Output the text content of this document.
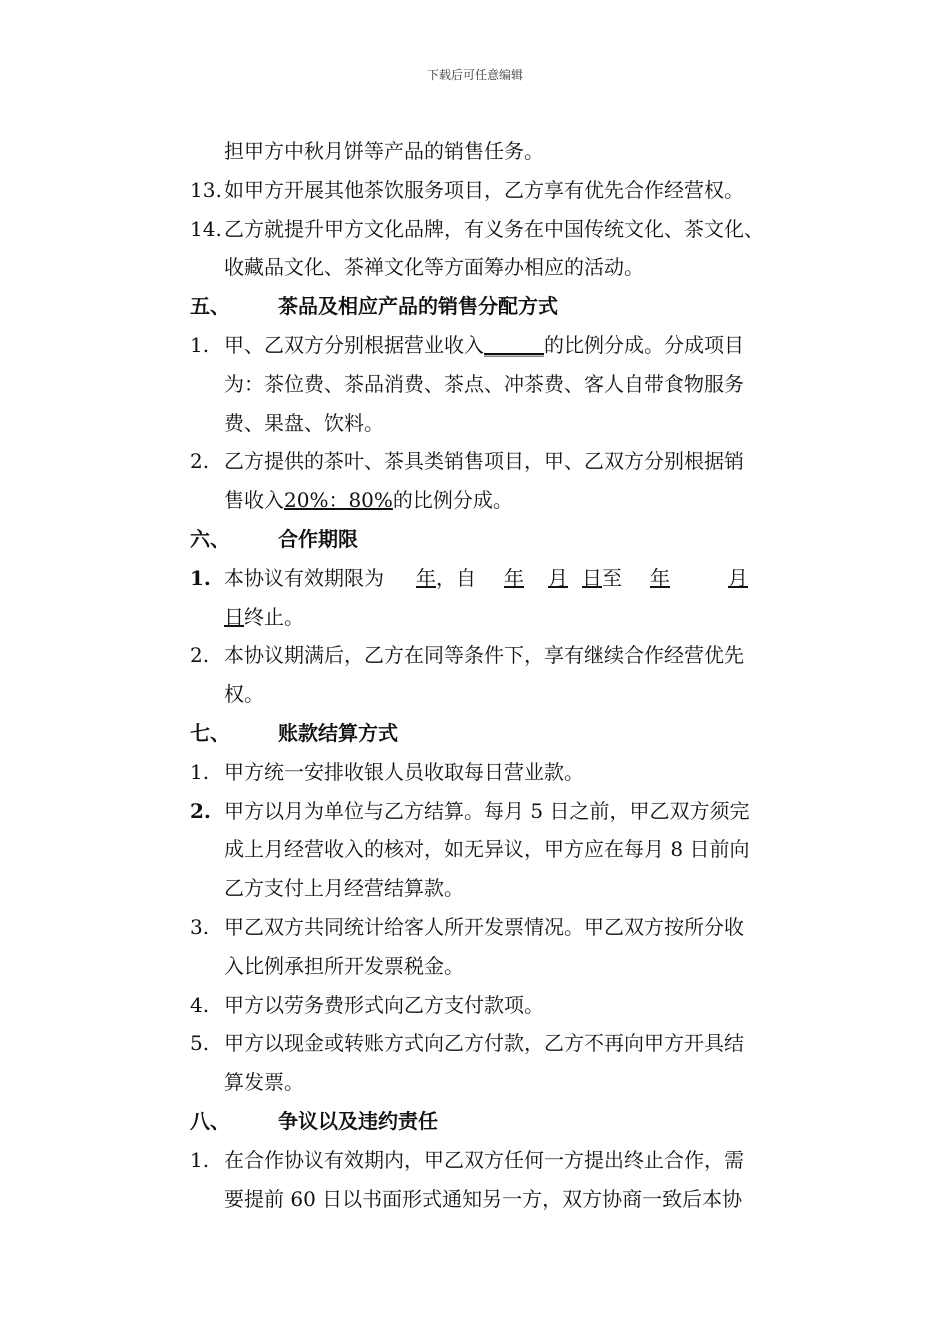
下载后可任意编辑
担甲方中秋月饼等产品的销售任务。
13. 如甲方开展其他茶饮服务项目，乙方享有优先合作经营权。
14. 乙方就提升甲方文化品牌，有义务在中国传统文化、茶文化、
收藏品文化、茶禅文化等方面筹办相应的活动。
五、 茶品及相应产品的销售分配方式
1. 甲、乙双方分别根据营业收入______的比例分成。分成项目
为：茶位费、茶品消费、茶点、冲茶费、客人自带食物服务
费、果盘、饮料。
2. 乙方提供的茶叶、茶具类销售项目，甲、乙双方分别根据销
售收入20%：80%的比例分成。
六、 合作期限
1. 本协议有效期限为 年，自 年 月 日至 年	月
日终止。
2. 本协议期满后，乙方在同等条件下，享有继续合作经营优先
权。
七、 账款结算方式
1. 甲方统一安排收银人员收取每日营业款。
2. 甲方以月为单位与乙方结算。每月 5 日之前，甲乙双方须完
成上月经营收入的核对，如无异议，甲方应在每月 8 日前向
乙方支付上月经营结算款。
3. 甲乙双方共同统计给客人所开发票情况。甲乙双方按所分收
入比例承担所开发票税金。
4. 甲方以劳务费形式向乙方支付款项。
5. 甲方以现金或转账方式向乙方付款，乙方不再向甲方开具结
算发票。
八、 争议以及违约责任
1. 在合作协议有效期内，甲乙双方任何一方提出终止合作，需
要提前 60 日以书面形式通知另一方，双方协商一致后本协
